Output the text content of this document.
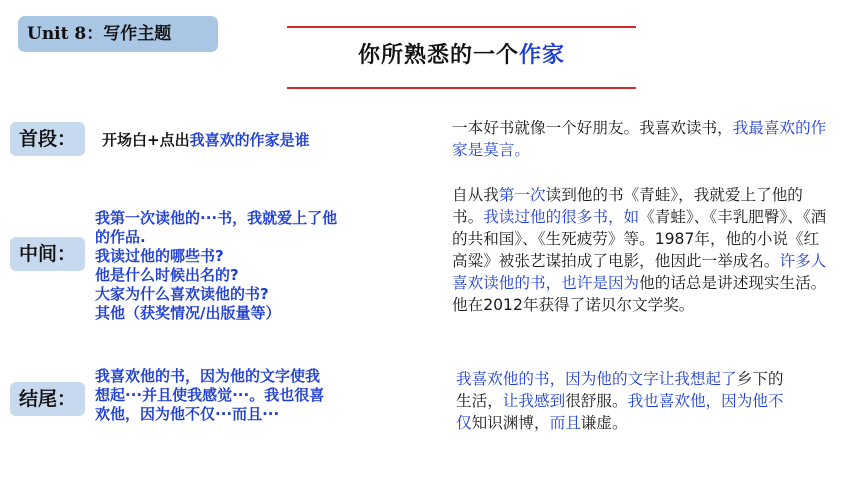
Unit 8：写作主题
你所熟悉的一个作家
首段：	开场白+点出我喜欢的作家是谁

一本好书就像一个好朋友。我喜欢读书，我最喜欢的作家是莫言。

中间：
我第一次读他的···书，我就爱上了他
的作品.
我读过他的哪些书?
他是什么时候出名的?
大家为什么喜欢读他的书?
其他（获奖情况/出版量等）

自从我第一次读到他的书《青蛙》，我就爱上了他的书。我读过他的很多书，如《青蛙》、《丰乳肥臀》、《酒的共和国》、《生死疲劳》等。1987年，他的小说《红高粱》被张艺谋拍成了电影，他因此一举成名。许多人喜欢读他的书，也许是因为他的话总是讲述现实生活。他在2012年获得了诺贝尔文学奖。

结尾：
我喜欢他的书，因为他的文字使我
想起···并且使我感觉···。我也很喜
欢他，因为他不仅···而且···

我喜欢他的书，因为他的文字让我想起了乡下的生活，让我感到很舒服。我也喜欢他，因为他不仅知识渊博，而且谦虚。
